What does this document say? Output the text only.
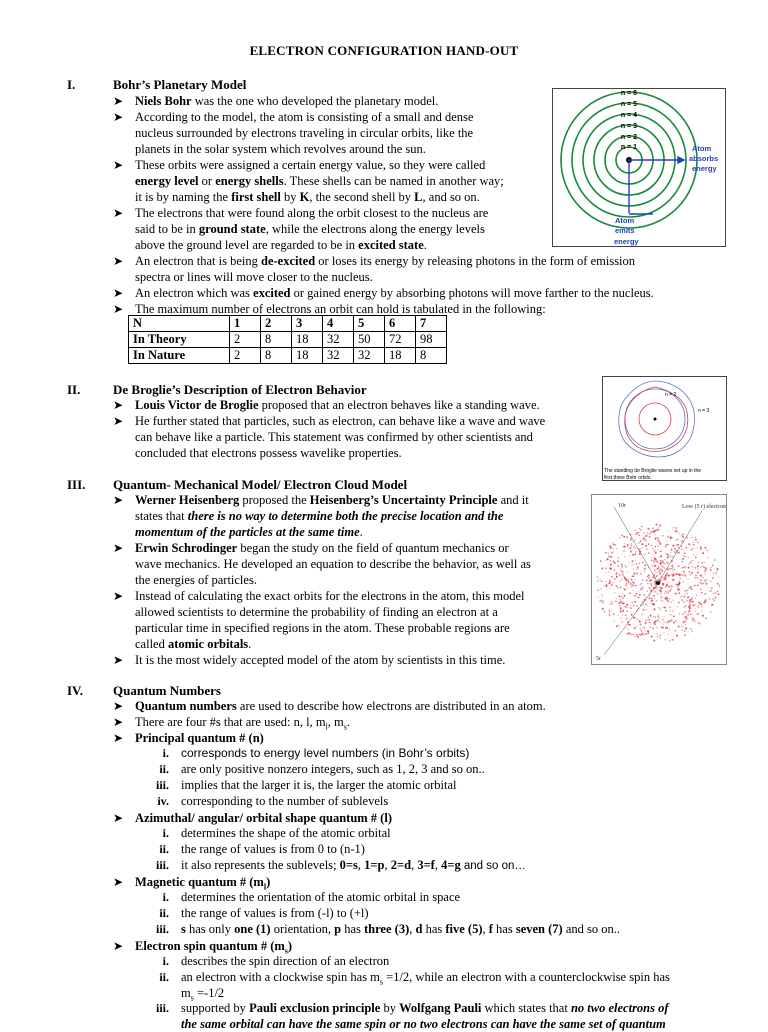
ELECTRON CONFIGURATION HAND-OUT
I.	Bohr’s Planetary Model
➤ Niels Bohr was the one who developed the planetary model.
➤ According to the model, the atom is consisting of a small and dense
nucleus surrounded by electrons traveling in circular orbits, like the
planets in the solar system which revolves around the sun.
➤ These orbits were assigned a certain energy value, so they were called
energy level or energy shells. These shells can be named in another way;
it is by naming the first shell by K, the second shell by L, and so on.
➤ The electrons that were found along the orbit closest to the nucleus are
said to be in ground state, while the electrons along the energy levels
above the ground level are regarded to be in excited state.
➤ An electron that is being de-excited or loses its energy by releasing photons in the form of emission
spectra or lines will move closer to the nucleus.
➤ An electron which was excited or gained energy by absorbing photons will move farther to the nucleus.
➤ The maximum number of electrons an orbit can hold is tabulated in the following:
N	1	2	3	4	5	6	7
In Theory	2	8	18	32	50	72	98
In Nature	2	8	18	32	32	18	8
n = 6
n = 5
n = 4
n = 3
n = 2
n = 1	Atom
absorbs
energy
Atom
emits
energy
II.	De Broglie’s Description of Electron Behavior
➤ Louis Victor de Broglie proposed that an electron behaves like a standing wave.
➤ He further stated that particles, such as electron, can behave like a wave and wave
can behave like a particle. This statement was confirmed by other scientists and
concluded that electrons possess wavelike properties.
n = 2
n = 3
The standing de Broglie waves set up in the
first three Bohr orbits.
III. Quantum- Mechanical Model/ Electron Cloud Model
➤ Werner Heisenberg proposed the Heisenberg’s Uncertainty Principle and it
states that there is no way to determine both the precise location and the
momentum of the particles at the same time.
➤ Erwin Schrodinger began the study on the field of quantum mechanics or
wave mechanics. He developed an equation to describe the behavior, as well as
the energies of particles.
➤ Instead of calculating the exact orbits for the electrons in the atom, this model
allowed scientists to determine the probability of finding an electron at a
particular time in specified regions in the atom. These probable regions are
called atomic orbitals.
➤ It is the most widely accepted model of the atom by scientists in this time.
10r	Low (5 r) electron
5r
IV. Quantum Numbers
➤ Quantum numbers are used to describe how electrons are distributed in an atom.
➤ There are four #s that are used: n, l, $m_l$, $m_s$.
➤ Principal quantum # (n)
i. corresponds to energy level numbers (in Bohr’s orbits)
ii. are only positive nonzero integers, such as 1, 2, 3 and so on..
iii. implies that the larger it is, the larger the atomic orbital
iv. corresponding to the number of sublevels
➤ Azimuthal/ angular/ orbital shape quantum # (l)
i. determines the shape of the atomic orbital
ii. the range of values is from 0 to (n-1)
iii. it also represents the sublevels; 0=s, 1=p, 2=d, 3=f, 4=g and so on…
➤ Magnetic quantum # $(m_l)$
i. determines the orientation of the atomic orbital in space
ii. the range of values is from (-l) to (+l)
iii. s has only one (1) orientation, p has three (3), d has five (5), f has seven (7) and so on..
➤ Electron spin quantum # $(m_s)$
i. describes the spin direction of an electron
ii. an electron with a clockwise spin has $m_s =1/2$, while an electron with a counterclockwise spin has
$m_s =-1/2$
iii. supported by Pauli exclusion principle by Wolfgang Pauli which states that no two electrons of
the same orbital can have the same spin or no two electrons can have the same set of quantum
